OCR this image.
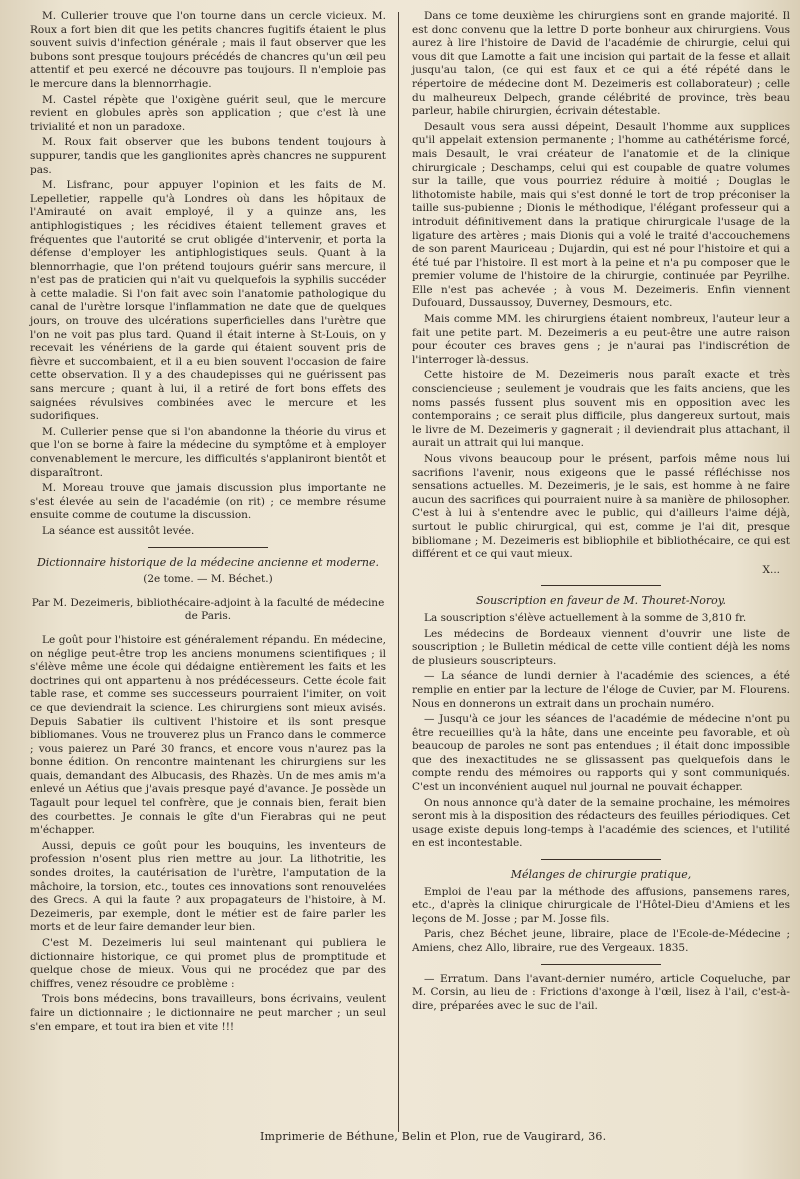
M. Cullerier trouve que l'on tourne dans un cercle vicieux. M. Roux a fort bien dit que les petits chancres fugitifs étaient le plus souvent suivis d'infection générale ; mais il faut observer que les bubons sont presque toujours précédés de chancres qu'un œil peu attentif et peu exercé ne découvre pas toujours. Il n'emploie pas le mercure dans la blennorrhagie.

M. Castel répète que l'oxigène guérit seul, que le mercure revient en globules après son application ; que c'est là une trivialité et non un paradoxe.

M. Roux fait observer que les bubons tendent toujours à suppurer, tandis que les ganglionites après chancres ne suppurent pas.

M. Lisfranc, pour appuyer l'opinion et les faits de M. Lepelletier, rappelle qu'à Londres où dans les hôpitaux de l'Amirauté on avait employé, il y a quinze ans, les antiphlogistiques ; les récidives étaient tellement graves et fréquentes que l'autorité se crut obligée d'intervenir, et porta la défense d'employer les antiphlogistiques seuls. Quant à la blennorrhagie, que l'on prétend toujours guérir sans mercure, il n'est pas de praticien qui n'ait vu quelquefois la syphilis succéder à cette maladie. Si l'on fait avec soin l'anatomie pathologique du canal de l'urètre lorsque l'inflammation ne date que de quelques jours, on trouve des ulcérations superficielles dans l'urètre que l'on ne voit pas plus tard. Quand il était interne à St-Louis, on y recevait les vénériens de la garde qui étaient souvent pris de fièvre et succombaient, et il a eu bien souvent l'occasion de faire cette observation. Il y a des chaudepisses qui ne guérissent pas sans mercure ; quant à lui, il a retiré de fort bons effets des saignées révulsives combinées avec le mercure et les sudorifiques.

M. Cullerier pense que si l'on abandonne la théorie du virus et que l'on se borne à faire la médecine du symptôme et à employer convenablement le mercure, les difficultés s'applaniront bientôt et disparaîtront.

M. Moreau trouve que jamais discussion plus importante ne s'est élevée au sein de l'académie (on rit) ; ce membre résume ensuite comme de coutume la discussion.

La séance est aussitôt levée.

Dictionnaire historique de la médecine ancienne et moderne.

(2e tome. — M. Béchet.)

Par M. Dezeimeris, bibliothécaire-adjoint à la faculté de médecine de Paris.

Le goût pour l'histoire est généralement répandu. En médecine, on néglige peut-être trop les anciens monumens scientifiques ; il s'élève même une école qui dédaigne entièrement les faits et les doctrines qui ont appartenu à nos prédécesseurs. Cette école fait table rase, et comme ses successeurs pourraient l'imiter, on voit ce que deviendrait la science. Les chirurgiens sont mieux avisés. Depuis Sabatier ils cultivent l'histoire et ils sont presque bibliomanes. Vous ne trouverez plus un Franco dans le commerce ; vous paierez un Paré 30 francs, et encore vous n'aurez pas la bonne édition. On rencontre maintenant les chirurgiens sur les quais, demandant des Albucasis, des Rhazès. Un de mes amis m'a enlevé un Aétius que j'avais presque payé d'avance. Je possède un Tagault pour lequel tel confrère, que je connais bien, ferait bien des courbettes. Je connais le gîte d'un Fierabras qui ne peut m'échapper.

Aussi, depuis ce goût pour les bouquins, les inventeurs de profession n'osent plus rien mettre au jour. La lithotritie, les sondes droites, la cautérisation de l'urètre, l'amputation de la mâchoire, la torsion, etc., toutes ces innovations sont renouvelées des Grecs. A qui la faute ? aux propagateurs de l'histoire, à M. Dezeimeris, par exemple, dont le métier est de faire parler les morts et de leur faire demander leur bien.

C'est M. Dezeimeris lui seul maintenant qui publiera le dictionnaire historique, ce qui promet plus de promptitude et quelque chose de mieux. Vous qui ne procédez que par des chiffres, venez résoudre ce problème :

Trois bons médecins, bons travailleurs, bons écrivains, veulent faire un dictionnaire ; le dictionnaire ne peut marcher ; un seul s'en empare, et tout ira bien et vite !!!

Dans ce tome deuxième les chirurgiens sont en grande majorité. Il est donc convenu que la lettre D porte bonheur aux chirurgiens. Vous aurez à lire l'histoire de David de l'académie de chirurgie, celui qui vous dit que Lamotte a fait une incision qui partait de la fesse et allait jusqu'au talon, (ce qui est faux et ce qui a été répété dans le répertoire de médecine dont M. Dezeimeris est collaborateur) ; celle du malheureux Delpech, grande célébrité de province, très beau parleur, habile chirurgien, écrivain détestable.

Desault vous sera aussi dépeint, Desault l'homme aux supplices qu'il appelait extension permanente ; l'homme au cathétérisme forcé, mais Desault, le vrai créateur de l'anatomie et de la clinique chirurgicale ; Deschamps, celui qui est coupable de quatre volumes sur la taille, que vous pourriez réduire à moitié ; Douglas le lithotomiste habile, mais qui s'est donné le tort de trop préconiser la taille sus-pubienne ; Dionis le méthodique, l'élégant professeur qui a introduit définitivement dans la pratique chirurgicale l'usage de la ligature des artères ; mais Dionis qui a volé le traité d'accouchemens de son parent Mauriceau ; Dujardin, qui est né pour l'histoire et qui a été tué par l'histoire. Il est mort à la peine et n'a pu composer que le premier volume de l'histoire de la chirurgie, continuée par Peyrilhe. Elle n'est pas achevée ; à vous M. Dezeimeris. Enfin viennent Dufouard, Dussaussoy, Duverney, Desmours, etc.

Mais comme MM. les chirurgiens étaient nombreux, l'auteur leur a fait une petite part. M. Dezeimeris a eu peut-être une autre raison pour écouter ces braves gens ; je n'aurai pas l'indiscrétion de l'interroger là-dessus.

Cette histoire de M. Dezeimeris nous paraît exacte et très consciencieuse ; seulement je voudrais que les faits anciens, que les noms passés fussent plus souvent mis en opposition avec les contemporains ; ce serait plus difficile, plus dangereux surtout, mais le livre de M. Dezeimeris y gagnerait ; il deviendrait plus attachant, il aurait un attrait qui lui manque.

Nous vivons beaucoup pour le présent, parfois même nous lui sacrifions l'avenir, nous exigeons que le passé réfléchisse nos sensations actuelles. M. Dezeimeris, je le sais, est homme à ne faire aucun des sacrifices qui pourraient nuire à sa manière de philosopher. C'est à lui à s'entendre avec le public, qui d'ailleurs l'aime déjà, surtout le public chirurgical, qui est, comme je l'ai dit, presque bibliomane ; M. Dezeimeris est bibliophile et bibliothécaire, ce qui est différent et ce qui vaut mieux.

X...

Souscription en faveur de M. Thouret-Noroy.

La souscription s'élève actuellement à la somme de 3,810 fr.

Les médecins de Bordeaux viennent d'ouvrir une liste de souscription ; le Bulletin médical de cette ville contient déjà les noms de plusieurs souscripteurs.

— La séance de lundi dernier à l'académie des sciences, a été remplie en entier par la lecture de l'éloge de Cuvier, par M. Flourens. Nous en donnerons un extrait dans un prochain numéro.

— Jusqu'à ce jour les séances de l'académie de médecine n'ont pu être recueillies qu'à la hâte, dans une enceinte peu favorable, et où beaucoup de paroles ne sont pas entendues ; il était donc impossible que des inexactitudes ne se glissassent pas quelquefois dans le compte rendu des mémoires ou rapports qui y sont communiqués. C'est un inconvénient auquel nul journal ne pouvait échapper.

On nous annonce qu'à dater de la semaine prochaine, les mémoires seront mis à la disposition des rédacteurs des feuilles périodiques. Cet usage existe depuis long-temps à l'académie des sciences, et l'utilité en est incontestable.

Mélanges de chirurgie pratique,

Emploi de l'eau par la méthode des affusions, pansemens rares, etc., d'après la clinique chirurgicale de l'Hôtel-Dieu d'Amiens et les leçons de M. Josse ; par M. Josse fils.

Paris, chez Béchet jeune, libraire, place de l'Ecole-de-Médecine ; Amiens, chez Allo, libraire, rue des Vergeaux. 1835.

— Erratum. Dans l'avant-dernier numéro, article Coqueluche, par M. Corsin, au lieu de : Frictions d'axonge à l'œil, lisez à l'ail, c'est-à-dire, préparées avec le suc de l'ail.

Imprimerie de Béthune, Belin et Plon, rue de Vaugirard, 36.
